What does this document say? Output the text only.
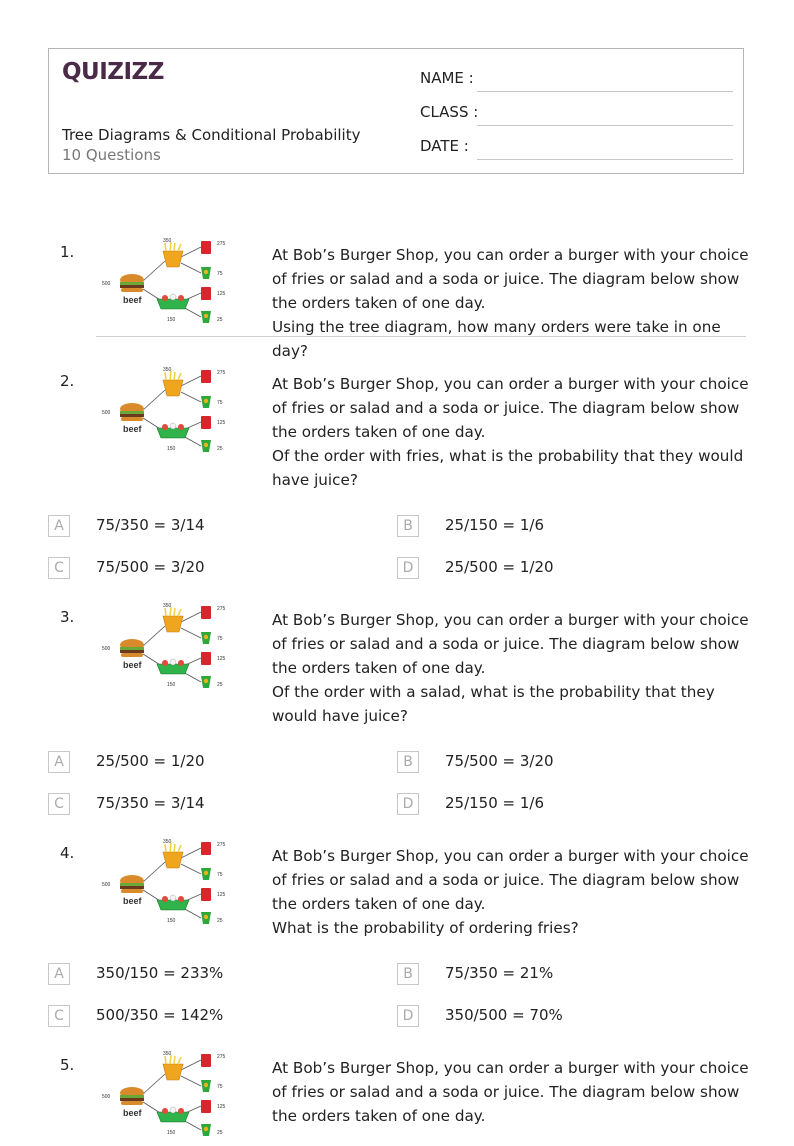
QUIZIZZ
Tree Diagrams & Conditional Probability
10 Questions
NAME :
CLASS :
DATE :
1.
beef
500
350
150
275
75
125
25
At Bob’s Burger Shop, you can order a burger with your choice of fries or salad and a soda or juice. The diagram below show the orders taken of one day.
Using the tree diagram, how many orders were take in one day?
2.
beef
500
350
150
275
75
125
25
At Bob’s Burger Shop, you can order a burger with your choice of fries or salad and a soda or juice. The diagram below show the orders taken of one day.
Of the order with fries, what is the probability that they would have juice?
A	75/350 = 3/14	B	25/150 = 1/6
C	75/500 = 3/20	D	25/500 = 1/20
3.
beef
500
350
150
275
75
125
25
At Bob’s Burger Shop, you can order a burger with your choice of fries or salad and a soda or juice. The diagram below show the orders taken of one day.
Of the order with a salad, what is the probability that they would have juice?
A	25/500 = 1/20	B	75/500 = 3/20
C	75/350 = 3/14	D	25/150 = 1/6
4.
beef
500
350
150
275
75
125
25
At Bob’s Burger Shop, you can order a burger with your choice of fries or salad and a soda or juice. The diagram below show the orders taken of one day.
What is the probability of ordering fries?
A	350/150 = 233%	B	75/350 = 21%
C	500/350 = 142%	D	350/500 = 70%
5.
beef
500
350
150
275
75
125
25
At Bob’s Burger Shop, you can order a burger with your choice of fries or salad and a soda or juice. The diagram below show the orders taken of one day.
